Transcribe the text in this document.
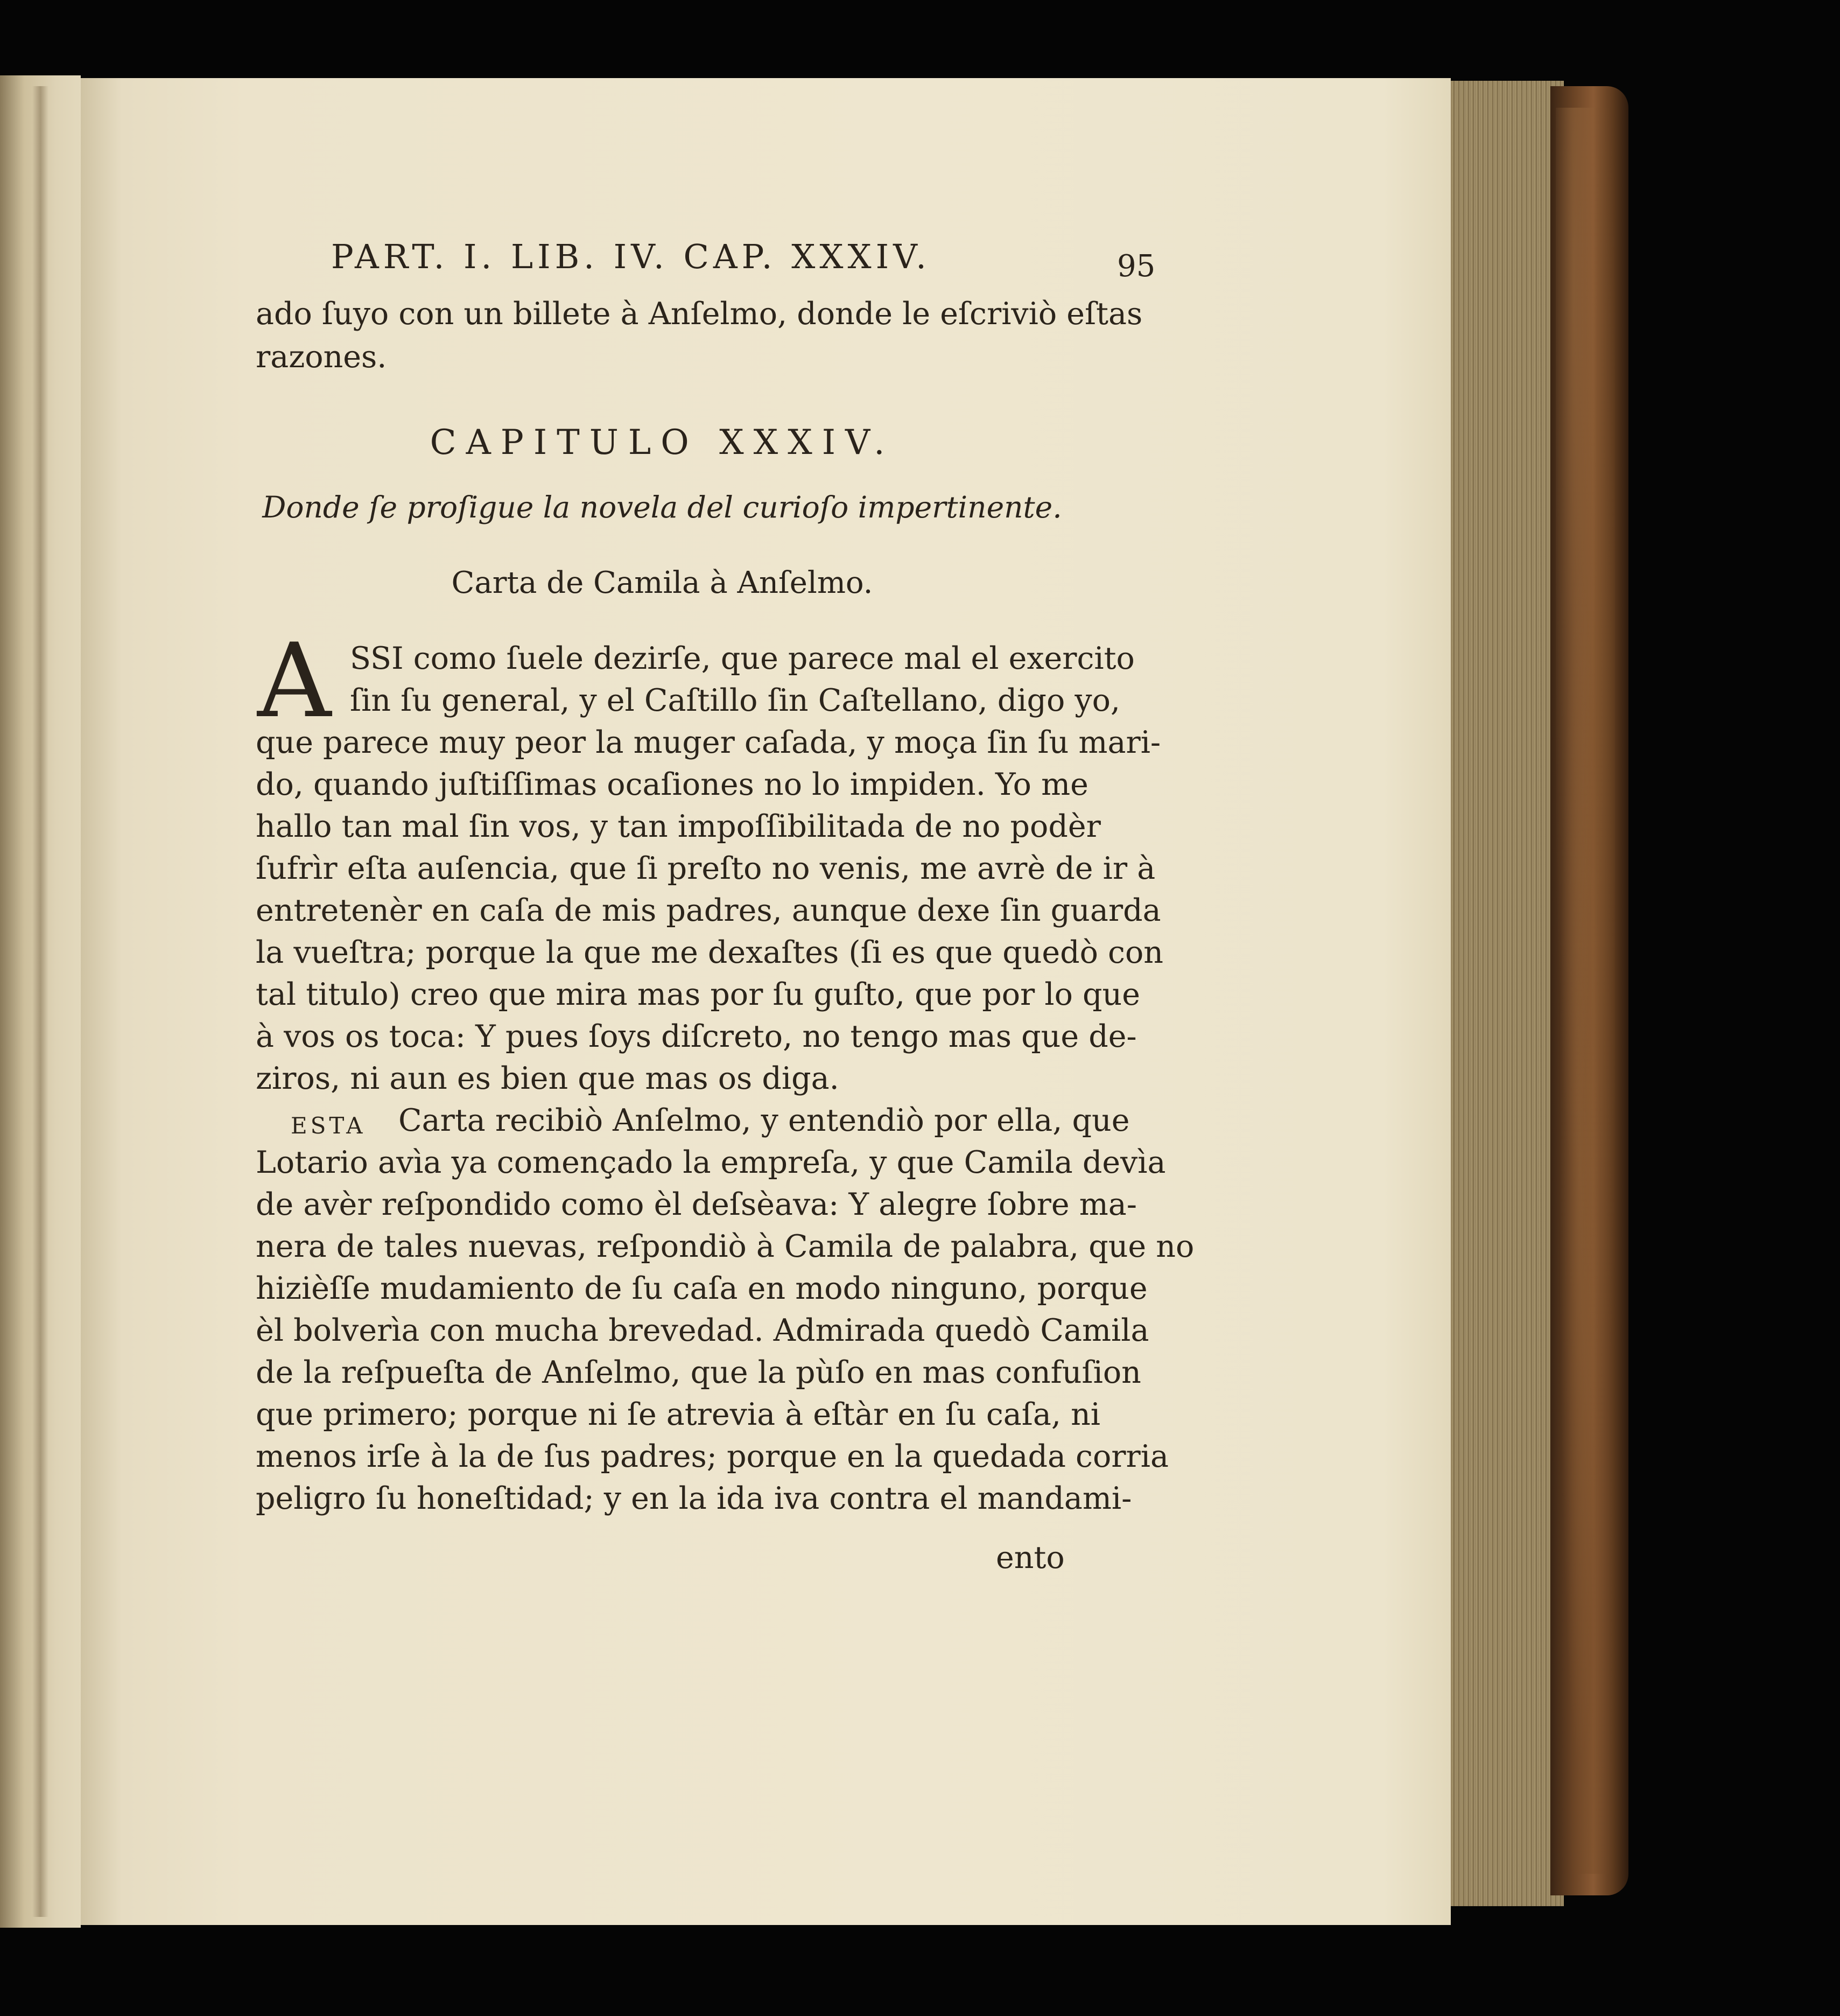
PART. I. LIB. IV. CAP. XXXIV.	95
ado ſuyo con un billete à Anſelmo, donde le eſcriviò eſtas
razones.
CAPITULO XXXIV.
Donde ſe proſigue la novela del curioſo impertinente.
Carta de Camila à Anſelmo.
A SSI como ſuele dezirſe, que parece mal el exercito
ſin ſu general, y el Caſtillo ſin Caſtellano, digo yo,
que parece muy peor la muger caſada, y moça ſin ſu mari-
do, quando juſtiſſimas ocaſiones no lo impiden. Yo me
hallo tan mal ſin vos, y tan impoſſibilitada de no podèr
ſufrìr eſta auſencia, que ſi preſto no venis, me avrè de ir à
entretenèr en caſa de mis padres, aunque dexe ſin guarda
la vueſtra; porque la que me dexaſtes (ſi es que quedò con
tal titulo) creo que mira mas por ſu guſto, que por lo que
à vos os toca: Y pues ſoys diſcreto, no tengo mas que de-
ziros, ni aun es bien que mas os diga.
ESTA	Carta recibiò Anſelmo, y entendiò por ella, que
Lotario avìa ya començado la empreſa, y que Camila devìa
de avèr reſpondido como èl deſsèava: Y alegre ſobre ma-
nera de tales nuevas, reſpondiò à Camila de palabra, que no
hizièſſe mudamiento de ſu caſa en modo ninguno, porque
èl bolverìa con mucha brevedad. Admirada quedò Camila
de la reſpueſta de Anſelmo, que la pùſo en mas confuſion
que primero; porque ni ſe atrevia à eſtàr en ſu caſa, ni
menos irſe à la de ſus padres; porque en la quedada corria
peligro ſu honeſtidad; y en la ida iva contra el mandami-
ento
